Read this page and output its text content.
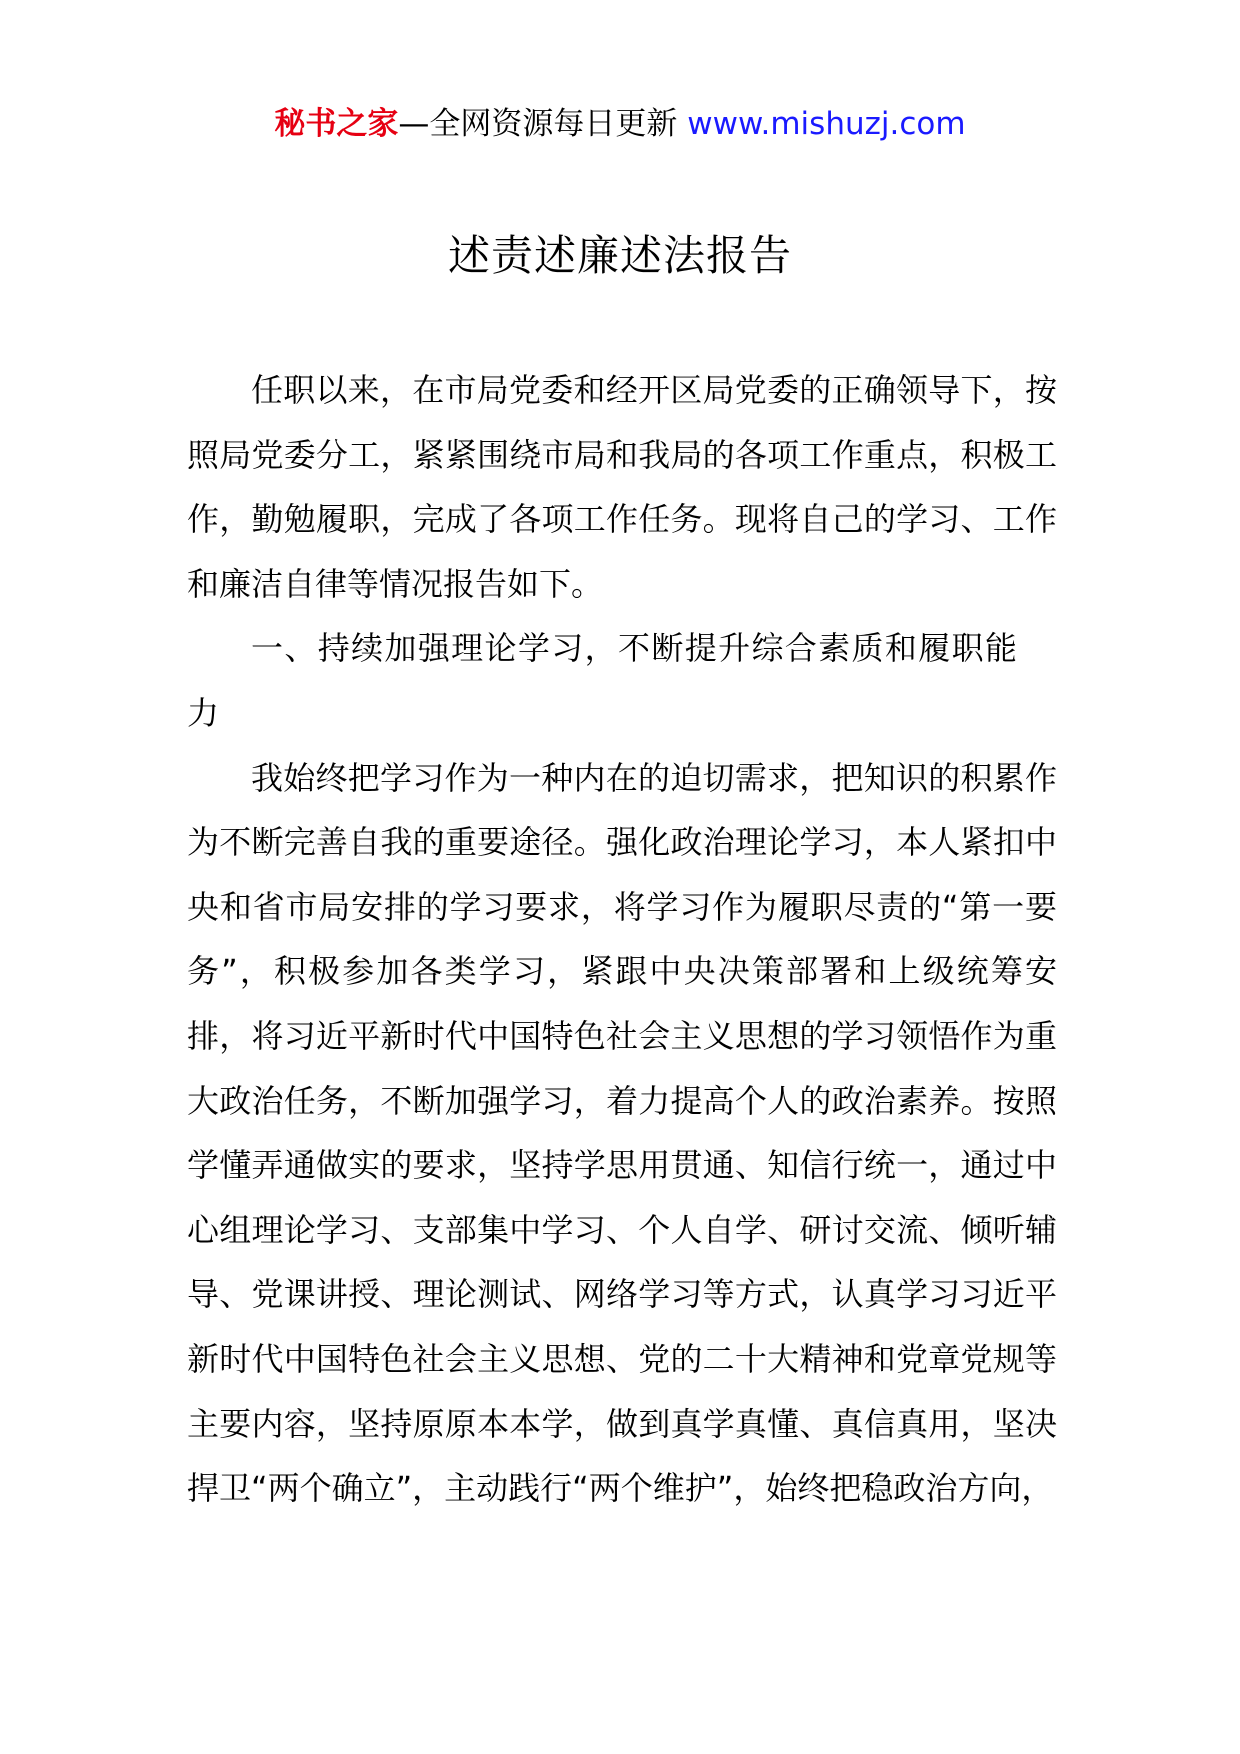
秘书之家—全网资源每日更新 www.mishuzj.com
述责述廉述法报告

任职以来，在市局党委和经开区局党委的正确领导下，按照局党委分工，紧紧围绕市局和我局的各项工作重点，积极工作，勤勉履职，完成了各项工作任务。现将自己的学习、工作和廉洁自律等情况报告如下。

一、持续加强理论学习，不断提升综合素质和履职能力

我始终把学习作为一种内在的迫切需求，把知识的积累作为不断完善自我的重要途径。强化政治理论学习，本人紧扣中央和省市局安排的学习要求，将学习作为履职尽责的“第一要务”，积极参加各类学习，紧跟中央决策部署和上级统筹安排，将习近平新时代中国特色社会主义思想的学习领悟作为重大政治任务，不断加强学习，着力提高个人的政治素养。按照学懂弄通做实的要求，坚持学思用贯通、知信行统一，通过中心组理论学习、支部集中学习、个人自学、研讨交流、倾听辅导、党课讲授、理论测试、网络学习等方式，认真学习习近平新时代中国特色社会主义思想、党的二十大精神和党章党规等主要内容，坚持原原本本学，做到真学真懂、真信真用，坚决捍卫“两个确立”，主动践行“两个维护”，始终把稳政治方向，
